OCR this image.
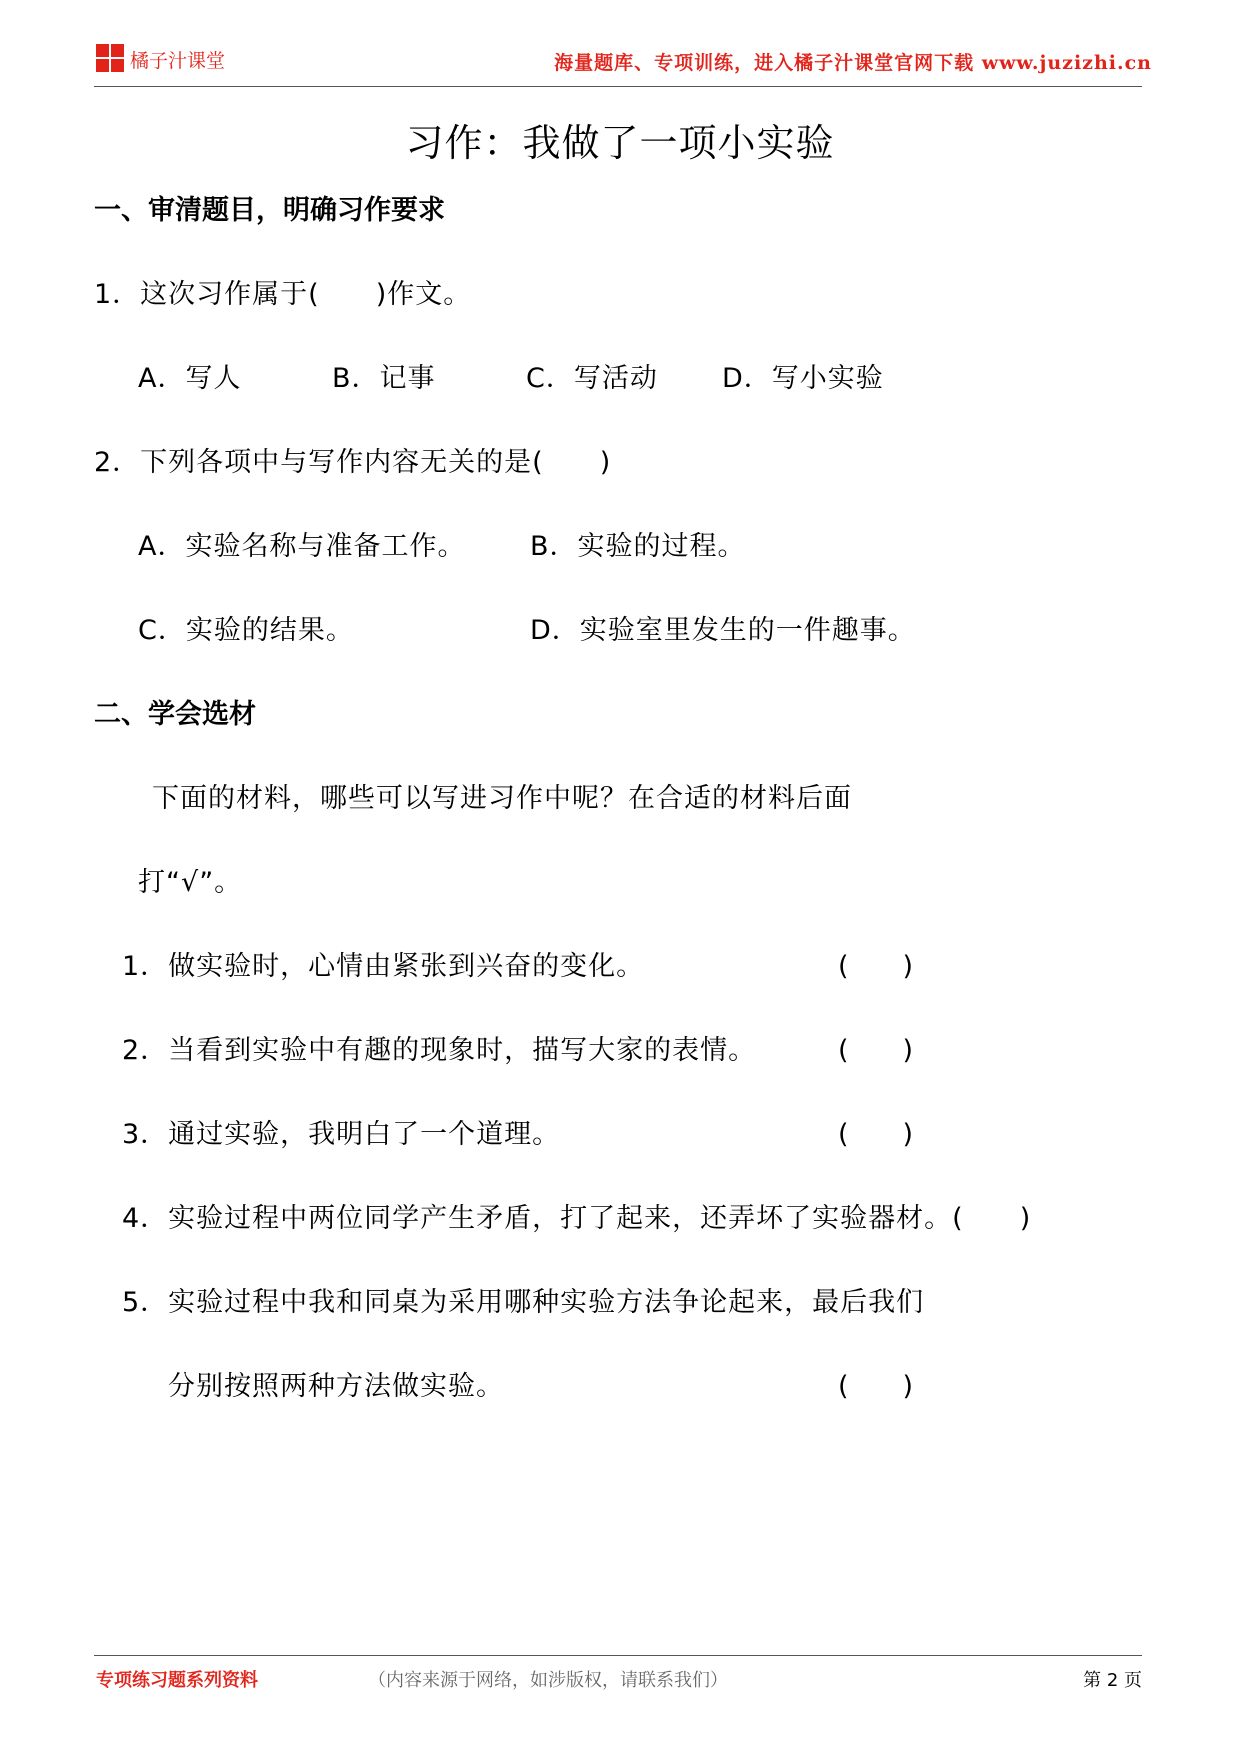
橘子汁课堂	海量题库、专项训练，进入橘子汁课堂官网下载 www.juzizhi.cn
习作：我做了一项小实验
一、审清题目，明确习作要求
1．这次习作属于(　　)作文。
A．写人	B．记事	C．写活动 D．写小实验
2．下列各项中与写作内容无关的是(　　)
A．实验名称与准备工作。 B．实验的过程。
C．实验的结果。	D．实验室里发生的一件趣事。
二、学会选材
下面的材料，哪些可以写进习作中呢？在合适的材料后面
打“√”。
1．做实验时，心情由紧张到兴奋的变化。	(　　)
2．当看到实验中有趣的现象时，描写大家的表情。	(　　)
3．通过实验，我明白了一个道理。	(　　)
4．实验过程中两位同学产生矛盾，打了起来，还弄坏了实验器材。(　　)
5．实验过程中我和同桌为采用哪种实验方法争论起来，最后我们
分别按照两种方法做实验。	(　　)
专项练习题系列资料	（内容来源于网络，如涉版权，请联系我们）	第 2 页
